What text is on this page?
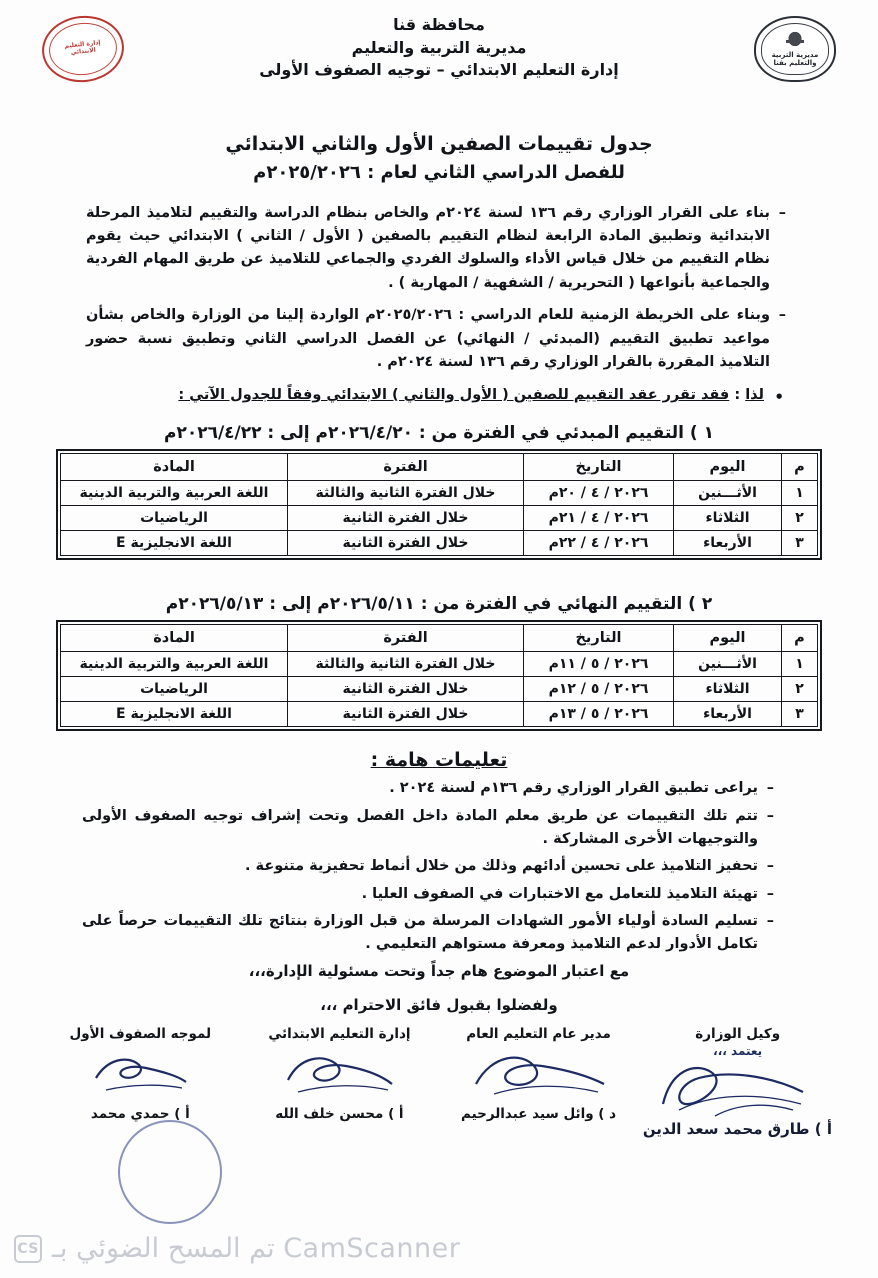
مديرية التربية والتعليم بقنا
إدارة التعليم الابتدائي
محافظة قنا
مديرية التربية والتعليم
إدارة التعليم الابتدائي – توجيه الصفوف الأولى
جدول تقييمات الصفين الأول والثاني الابتدائي
للفصل الدراسي الثاني لعام : ٢٠٢٥/٢٠٢٦م
–

بناء على القرار الوزاري رقم ١٣٦ لسنة ٢٠٢٤م والخاص بنظام الدراسة والتقييم لتلاميذ المرحلة الابتدائية وتطبيق المادة الرابعة لنظام التقييم بالصفين ( الأول / الثاني ) الابتدائي حيث يقوم نظام التقييم من خلال قياس الأداء والسلوك الفردي والجماعي للتلاميذ عن طريق المهام الفردية والجماعية بأنواعها ( التحريرية / الشفهية / المهارية ) .

–

وبناء على الخريطة الزمنية للعام الدراسي : ٢٠٢٥/٢٠٢٦م الواردة إلينا من الوزارة والخاص بشأن مواعيد تطبيق التقييم (المبدئي / النهائي) عن الفصل الدراسي الثاني وتطبيق نسبة حضور التلاميذ المقررة بالقرار الوزاري رقم ١٣٦ لسنة ٢٠٢٤م .

•
لذا : فقد تقرر عقد التقييم للصفين ( الأول والثاني ) الابتدائي وفقاً للجدول الآتي :
١ ) التقييم المبدئي في الفترة من : ٢٠٢٦/٤/٢٠م إلى : ٢٠٢٦/٤/٢٢م
م	اليوم	التاريخ	الفترة	المادة
١	الأثـــنين	٢٠٢٦ / ٤ / ٢٠م	خلال الفترة الثانية والثالثة	اللغة العربية والتربية الدينية
٢	الثلاثاء	٢٠٢٦ / ٤ / ٢١م	خلال الفترة الثانية	الرياضيات
٣	الأربعاء	٢٠٢٦ / ٤ / ٢٢م	خلال الفترة الثانية	اللغة الانجليزية E
٢ ) التقييم النهائي في الفترة من : ٢٠٢٦/٥/١١م إلى : ٢٠٢٦/٥/١٣م
م	اليوم	التاريخ	الفترة	المادة
١	الأثـــنين	٢٠٢٦ / ٥ / ١١م	خلال الفترة الثانية والثالثة	اللغة العربية والتربية الدينية
٢	الثلاثاء	٢٠٢٦ / ٥ / ١٢م	خلال الفترة الثانية	الرياضيات
٣	الأربعاء	٢٠٢٦ / ٥ / ١٣م	خلال الفترة الثانية	اللغة الانجليزية E
تعليمات هامة :
–
يراعى تطبيق القرار الوزاري رقم ١٣٦م لسنة ٢٠٢٤ .
–
تتم تلك التقييمات عن طريق معلم المادة داخل الفصل وتحت إشراف توجيه الصفوف الأولى والتوجيهات الأخرى المشاركة .
–
تحفيز التلاميذ على تحسين أدائهم وذلك من خلال أنماط تحفيزية متنوعة .
–
تهيئة التلاميذ للتعامل مع الاختبارات في الصفوف العليا .
–
تسليم السادة أولياء الأمور الشهادات المرسلة من قبل الوزارة بنتائج تلك التقييمات حرصاً على تكامل الأدوار لدعم التلاميذ ومعرفة مستواهم التعليمي .
مع اعتبار الموضوع هام جداً وتحت مسئولية الإدارة،،،
ولفضلوا بقبول فائق الاحترام ،،،
وكيل الوزارة
يعتمد ،،،
أ ) طارق محمد سعد الدين
مدير عام التعليم العام
د ) وائل سيد عبدالرحيم
إدارة التعليم الابتدائي
أ ) محسن خلف الله
لموجه الصفوف الأول
أ ) حمدي محمد
CS تم المسح الضوئي بـ CamScanner
